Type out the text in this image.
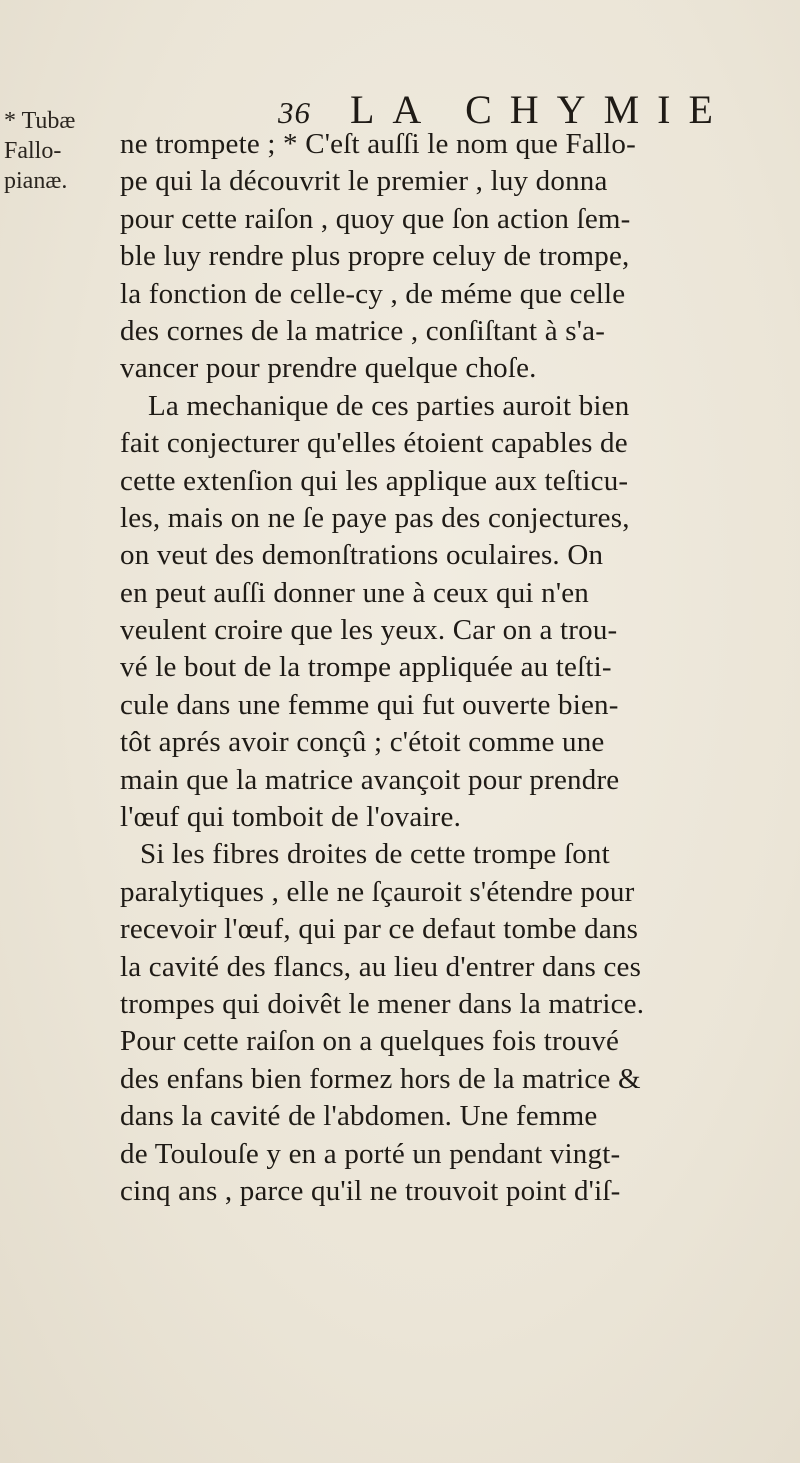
36 LA CHYMIE
* Tubæ
Fallo-
pianæ.
ne trompete ; * C'eſt auſſi le nom que Fallo-
pe qui la découvrit le premier , luy donna
pour cette raiſon , quoy que ſon action ſem-
ble luy rendre plus propre celuy de trompe,
la fonction de celle-cy , de méme que celle
des cornes de la matrice , conſiſtant à s'a-
vancer pour prendre quelque choſe.
La mechanique de ces parties auroit bien
fait conjecturer qu'elles étoient capables de
cette extenſion qui les applique aux teſticu-
les, mais on ne ſe paye pas des conjectures,
on veut des demonſtrations oculaires. On
en peut auſſi donner une à ceux qui n'en
veulent croire que les yeux. Car on a trou-
vé le bout de la trompe appliquée au teſti-
cule dans une femme qui fut ouverte bien-
tôt aprés avoir conçû ; c'étoit comme une
main que la matrice avançoit pour prendre
l'œuf qui tomboit de l'ovaire.
Si les fibres droites de cette trompe ſont
paralytiques , elle ne ſçauroit s'étendre pour
recevoir l'œuf, qui par ce defaut tombe dans
la cavité des flancs, au lieu d'entrer dans ces
trompes qui doivêt le mener dans la matrice.
Pour cette raiſon on a quelques fois trouvé
des enfans bien formez hors de la matrice &
dans la cavité de l'abdomen. Une femme
de Toulouſe y en a porté un pendant vingt-
cinq ans , parce qu'il ne trouvoit point d'iſ-
